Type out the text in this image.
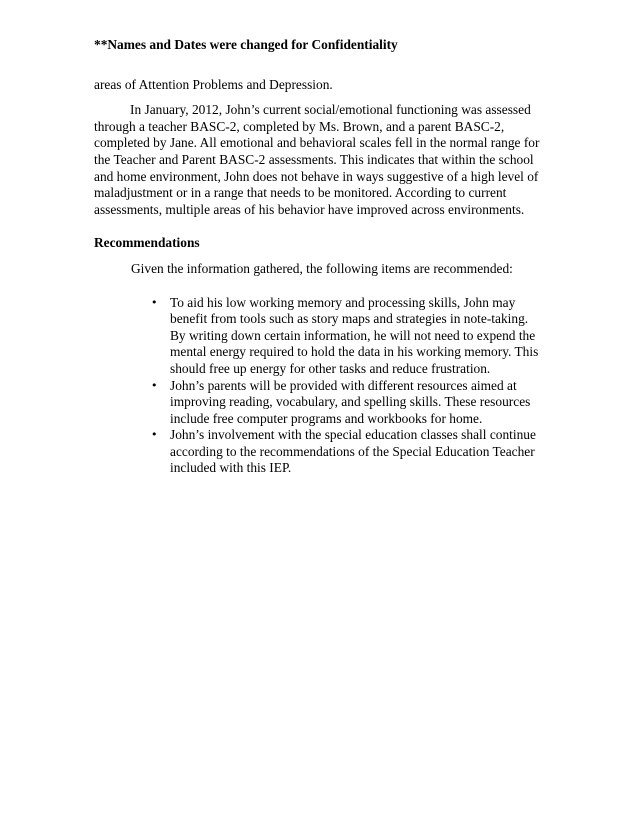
**Names and Dates were changed for Confidentiality

areas of Attention Problems and Depression.

In January, 2012, John’s current social/emotional functioning was assessed through a teacher BASC-2, completed by Ms. Brown, and a parent BASC-2, completed by Jane. All emotional and behavioral scales fell in the normal range for the Teacher and Parent BASC-2 assessments. This indicates that within the school and home environment, John does not behave in ways suggestive of a high level of maladjustment or in a range that needs to be monitored. According to current assessments, multiple areas of his behavior have improved across environments.

Recommendations

Given the information gathered, the following items are recommended:

• To aid his low working memory and processing skills, John may benefit from tools such as story maps and strategies in note-taking. By writing down certain information, he will not need to expend the mental energy required to hold the data in his working memory. This should free up energy for other tasks and reduce frustration.
• John’s parents will be provided with different resources aimed at improving reading, vocabulary, and spelling skills. These resources include free computer programs and workbooks for home.
• John’s involvement with the special education classes shall continue according to the recommendations of the Special Education Teacher included with this IEP.
